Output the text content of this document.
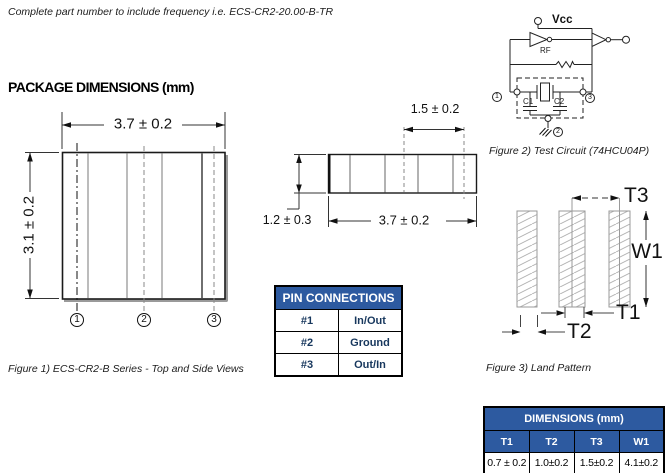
Complete part number to include frequency i.e. ECS-CR2-20.00-B-TR
PACKAGE DIMENSIONS (mm)
3.7 ± 0.2
3.1 ± 0.2
1.5 ± 0.2
1.2 ± 0.3	3.7 ± 0.2
1	2	3
Figure 1) ECS-CR2-B Series - Top and Side Views
Vcc
RF
C1	C2
1	3
2
Figure 2) Test Circuit (74HCU04P)
T3
W1
T1
T2
Figure 3) Land Pattern
PIN CONNECTIONS	
#1	In/Out
#2	Ground
#3	Out/In
DIMENSIONS (mm)			
T1	T2	T3	W1
0.7 ± 0.2	1.0±0.2	1.5±0.2	4.1±0.2
